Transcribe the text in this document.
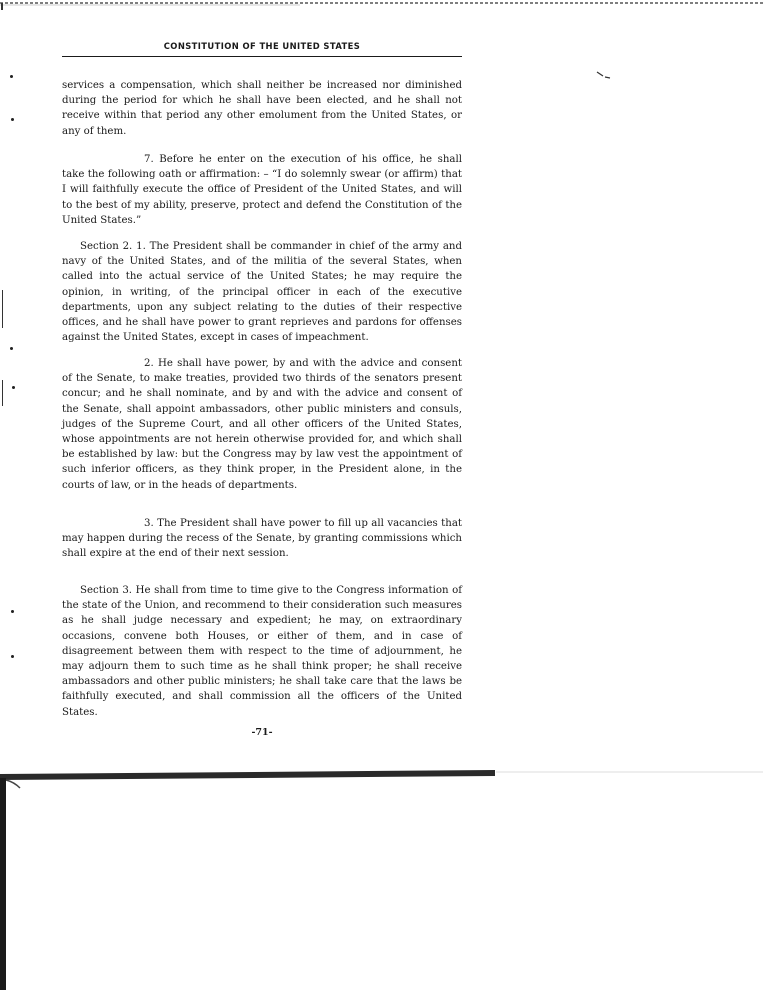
CONSTITUTION OF THE UNITED STATES

services a compensation, which shall neither be increased nor diminished during the period for which he shall have been elected, and he shall not receive within that period any other emolument from the United States, or any of them.

7. Before he enter on the execution of his office, he shall take the following oath or affirmation: – “I do solemnly swear (or affirm) that I will faithfully execute the office of President of the United States, and will to the best of my ability, preserve, protect and defend the Constitution of the United States.”

Section 2. 1. The President shall be commander in chief of the army and navy of the United States, and of the militia of the several States, when called into the actual service of the United States; he may require the opinion, in writing, of the principal officer in each of the executive departments, upon any subject relating to the duties of their respective offices, and he shall have power to grant reprieves and pardons for offenses against the United States, except in cases of impeachment.

2. He shall have power, by and with the advice and consent of the Senate, to make treaties, provided two thirds of the senators present concur; and he shall nominate, and by and with the advice and consent of the Senate, shall appoint ambassadors, other public ministers and consuls, judges of the Supreme Court, and all other officers of the United States, whose appointments are not herein otherwise provided for, and which shall be established by law: but the Congress may by law vest the appointment of such inferior officers, as they think proper, in the President alone, in the courts of law, or in the heads of departments.

3. The President shall have power to fill up all vacancies that may happen during the recess of the Senate, by granting commissions which shall expire at the end of their next session.

Section 3. He shall from time to time give to the Congress information of the state of the Union, and recommend to their consideration such measures as he shall judge necessary and expedient; he may, on extraordinary occasions, convene both Houses, or either of them, and in case of disagreement between them with respect to the time of adjournment, he may adjourn them to such time as he shall think proper; he shall receive ambassadors and other public ministers; he shall take care that the laws be faithfully executed, and shall commission all the officers of the United States.

-71-
